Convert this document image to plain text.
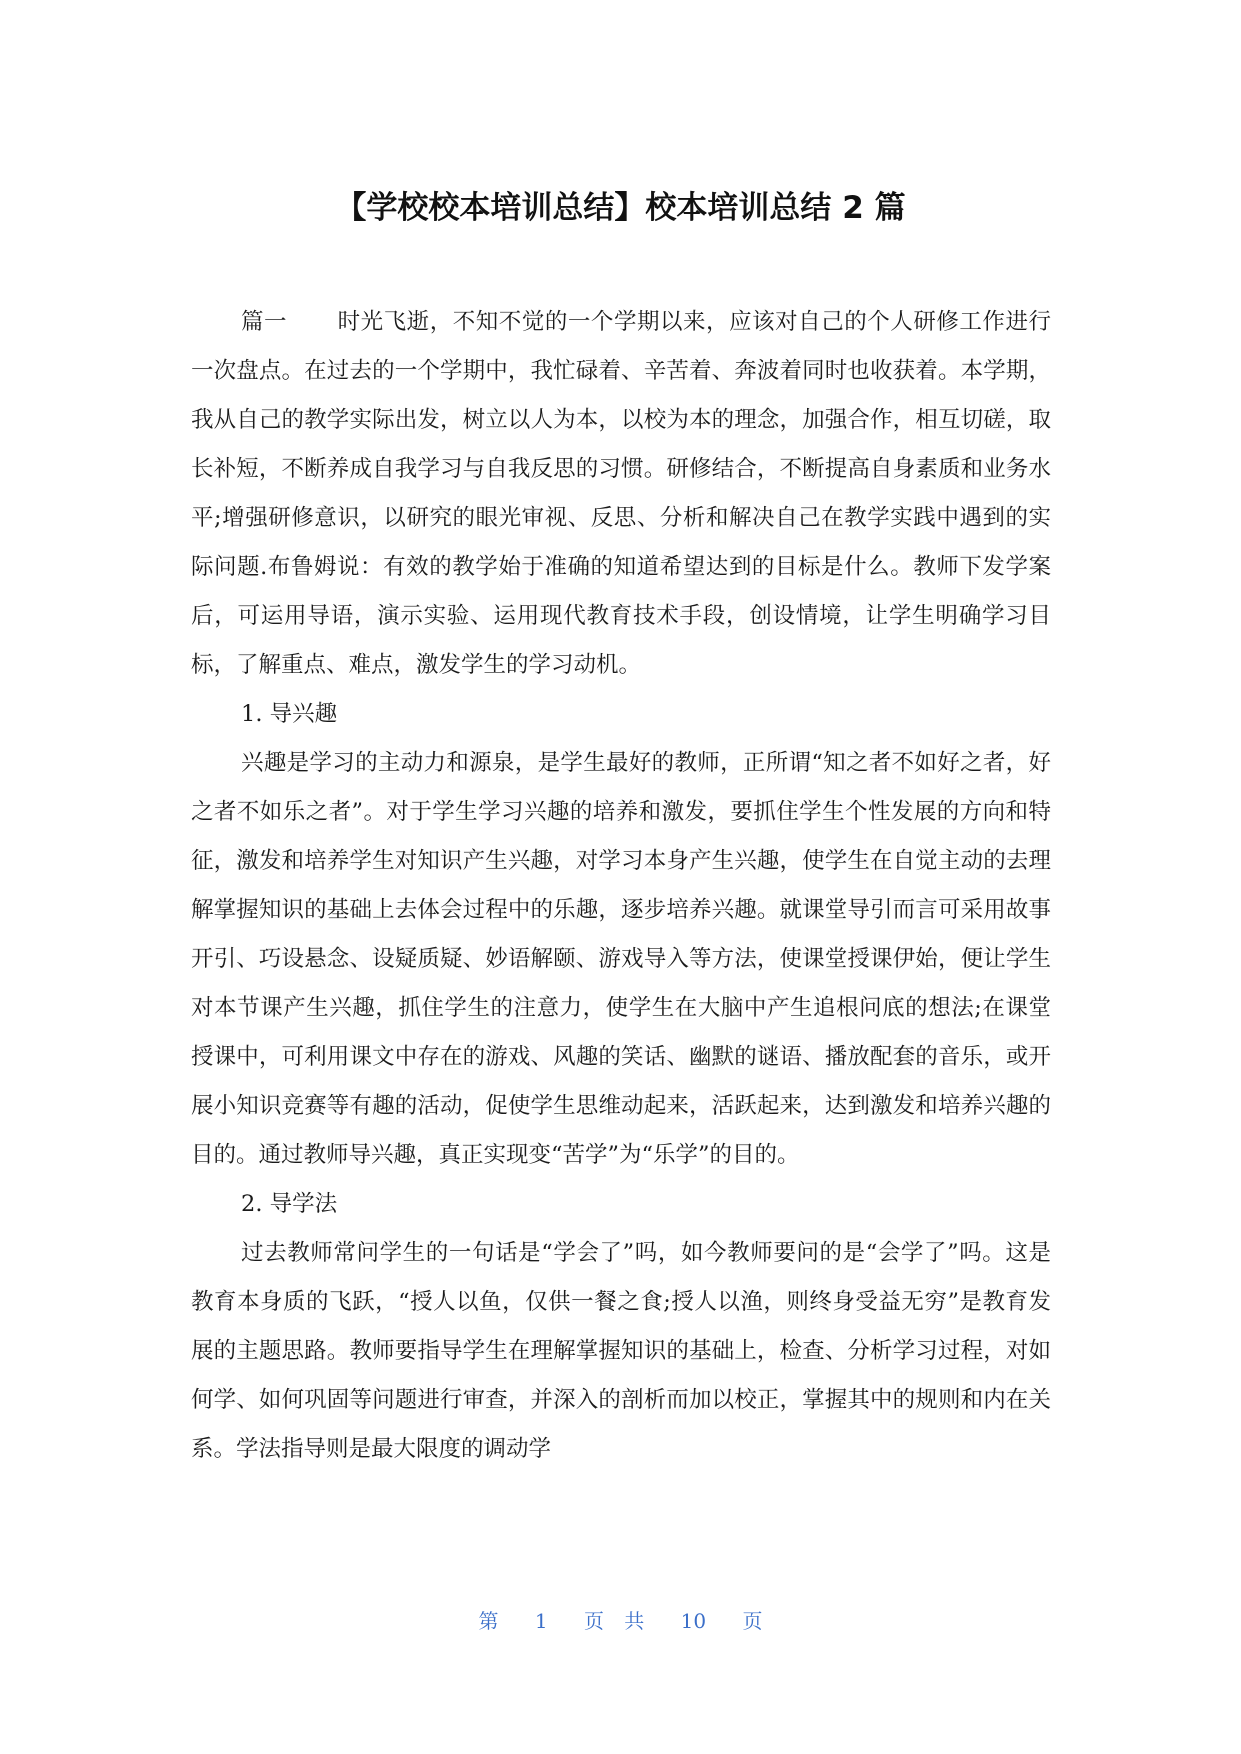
【学校校本培训总结】校本培训总结 2 篇

篇一 时光飞逝，不知不觉的一个学期以来，应该对自己的个人研修工作进行一次盘点。在过去的一个学期中，我忙碌着、辛苦着、奔波着同时也收获着。本学期，我从自己的教学实际出发，树立以人为本，以校为本的理念，加强合作，相互切磋，取长补短，不断养成自我学习与自我反思的习惯。研修结合，不断提高自身素质和业务水平;增强研修意识，以研究的眼光审视、反思、分析和解决自己在教学实践中遇到的实际问题.布鲁姆说：有效的教学始于准确的知道希望达到的目标是什么。教师下发学案后，可运用导语，演示实验、运用现代教育技术手段，创设情境，让学生明确学习目标，了解重点、难点，激发学生的学习动机。

1. 导兴趣

兴趣是学习的主动力和源泉，是学生最好的教师，正所谓“知之者不如好之者，好之者不如乐之者”。对于学生学习兴趣的培养和激发，要抓住学生个性发展的方向和特征，激发和培养学生对知识产生兴趣，对学习本身产生兴趣，使学生在自觉主动的去理解掌握知识的基础上去体会过程中的乐趣，逐步培养兴趣。就课堂导引而言可采用故事开引、巧设悬念、设疑质疑、妙语解颐、游戏导入等方法，使课堂授课伊始，便让学生对本节课产生兴趣，抓住学生的注意力，使学生在大脑中产生追根问底的想法;在课堂授课中，可利用课文中存在的游戏、风趣的笑话、幽默的谜语、播放配套的音乐，或开展小知识竞赛等有趣的活动，促使学生思维动起来，活跃起来，达到激发和培养兴趣的目的。通过教师导兴趣，真正实现变“苦学”为“乐学”的目的。

2. 导学法

过去教师常问学生的一句话是“学会了”吗，如今教师要问的是“会学了”吗。这是教育本身质的飞跃，“授人以鱼，仅供一餐之食;授人以渔，则终身受益无穷”是教育发展的主题思路。教师要指导学生在理解掌握知识的基础上，检查、分析学习过程，对如何学、如何巩固等问题进行审查，并深入的剖析而加以校正，掌握其中的规则和内在关系。学法指导则是最大限度的调动学

第 1 页 共 10 页
